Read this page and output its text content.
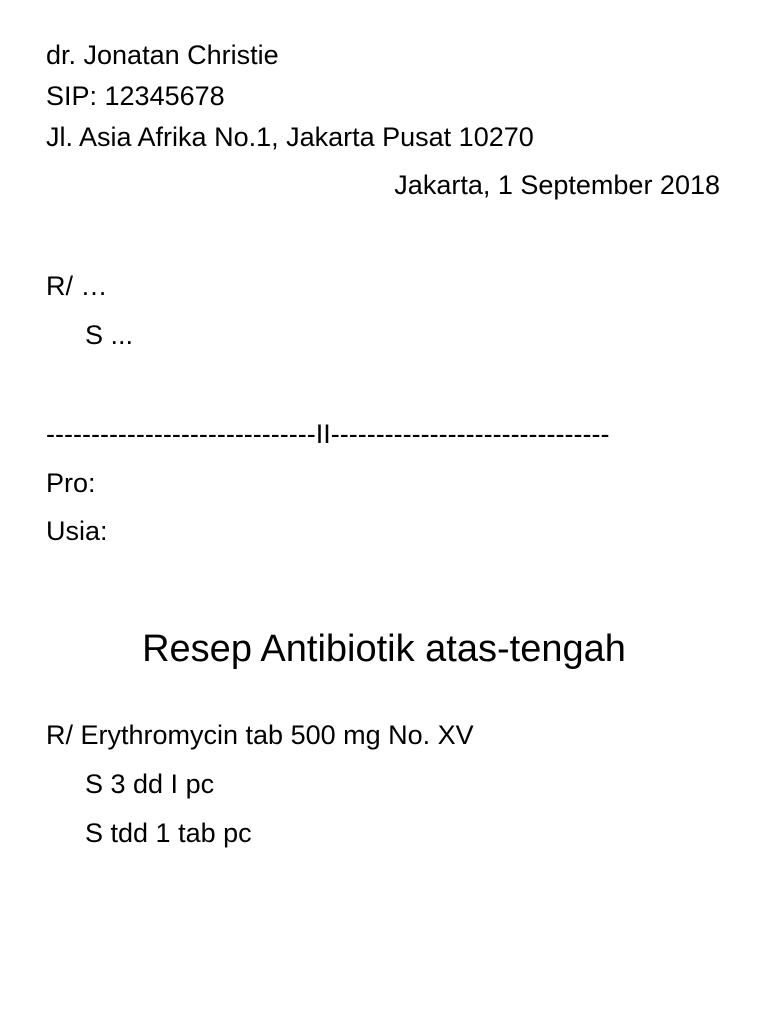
dr. Jonatan Christie
SIP: 12345678
Jl. Asia Afrika No.1, Jakarta Pusat 10270
Jakarta, 1 September 2018
R/ …
S ...
------------------------------II-------------------------------
Pro:
Usia:
Resep Antibiotik atas-tengah
R/ Erythromycin tab 500 mg No. XV
S 3 dd I pc
S tdd 1 tab pc
